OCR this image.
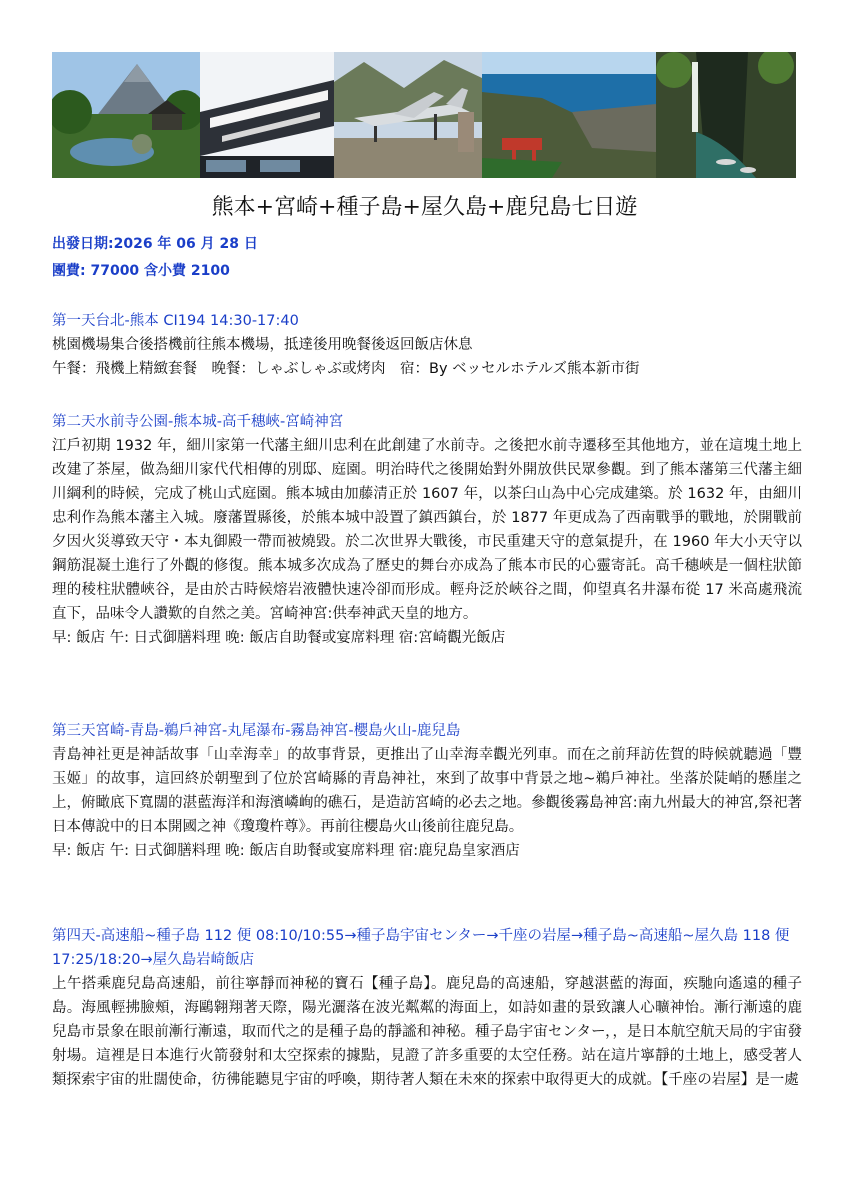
熊本+宮崎+種子島+屋久島+鹿兒島七日遊
出發日期:2026 年 06 月 28 日
團費: 77000 含小費 2100
第一天台北-熊本 CI194 14:30-17:40

桃園機場集合後搭機前往熊本機場，抵達後用晚餐後返回飯店休息

午餐：飛機上精緻套餐　晚餐：しゃぶしゃぶ或烤肉　宿：By ベッセルホテルズ熊本新市街

第二天水前寺公園-熊本城-高千穗峽-宮崎神宮

江戶初期 1932 年，細川家第一代藩主細川忠利在此創建了水前寺。之後把水前寺遷移至其他地方，並在這塊土地上改建了茶屋，做為細川家代代相傳的別邸、庭園。明治時代之後開始對外開放供民眾參觀。到了熊本藩第三代藩主細川綱利的時候，完成了桃山式庭園。熊本城由加藤清正於 1607 年，以茶臼山為中心完成建築。於 1632 年，由細川忠利作為熊本藩主入城。廢藩置縣後，於熊本城中設置了鎮西鎮台，於 1877 年更成為了西南戰爭的戰地，於開戰前夕因火災導致天守・本丸御殿一帶而被燒毀。於二次世界大戰後，市民重建天守的意氣提升，在 1960 年大小天守以鋼筋混凝土進行了外觀的修復。熊本城多次成為了歷史的舞台亦成為了熊本市民的心靈寄託。高千穗峽是一個柱狀節理的稜柱狀體峽谷，是由於古時候熔岩液體快速冷卻而形成。輕舟泛於峽谷之間，仰望真名井瀑布從 17 米高處飛流直下，品味令人讚歎的自然之美。宮崎神宮:供奉神武天皇的地方。

早: 飯店 午: 日式御膳料理 晚: 飯店自助餐或宴席料理 宿:宮崎觀光飯店

第三天宮崎-青島-鵜戶神宮-丸尾瀑布-霧島神宮-櫻島火山-鹿兒島

青島神社更是神話故事「山幸海幸」的故事背景，更推出了山幸海幸觀光列車。而在之前拜訪佐賀的時候就聽過「豐玉姬」的故事，這回終於朝聖到了位於宮崎縣的青島神社，來到了故事中背景之地~鵜戶神社。坐落於陡峭的懸崖之上，俯瞰底下寬闊的湛藍海洋和海濱嶙峋的礁石，是造訪宮崎的必去之地。參觀後霧島神宮:南九州最大的神宮,祭祀著日本傳說中的日本開國之神《瓊瓊杵尊》。再前往櫻島火山後前往鹿兒島。

早: 飯店 午: 日式御膳料理 晚: 飯店自助餐或宴席料理 宿:鹿兒島皇家酒店

第四天-高速船~種子島 112 便 08:10/10:55→種子島宇宙センター→千座の岩屋→種子島~高速船~屋久島 118 便 17:25/18:20→屋久島岩崎飯店

上午搭乘鹿兒島高速船，前往寧靜而神秘的寶石【種子島】。鹿兒島的高速船，穿越湛藍的海面，疾馳向遙遠的種子島。海風輕拂臉頰，海鷗翱翔著天際，陽光灑落在波光粼粼的海面上，如詩如畫的景致讓人心曠神怡。漸行漸遠的鹿兒島市景象在眼前漸行漸遠，取而代之的是種子島的靜謐和神秘。種子島宇宙センター，，是日本航空航天局的宇宙發射場。這裡是日本進行火箭發射和太空探索的據點，見證了許多重要的太空任務。站在這片寧靜的土地上，感受著人類探索宇宙的壯闊使命，彷彿能聽見宇宙的呼喚，期待著人類在未來的探索中取得更大的成就。【千座の岩屋】是一處
